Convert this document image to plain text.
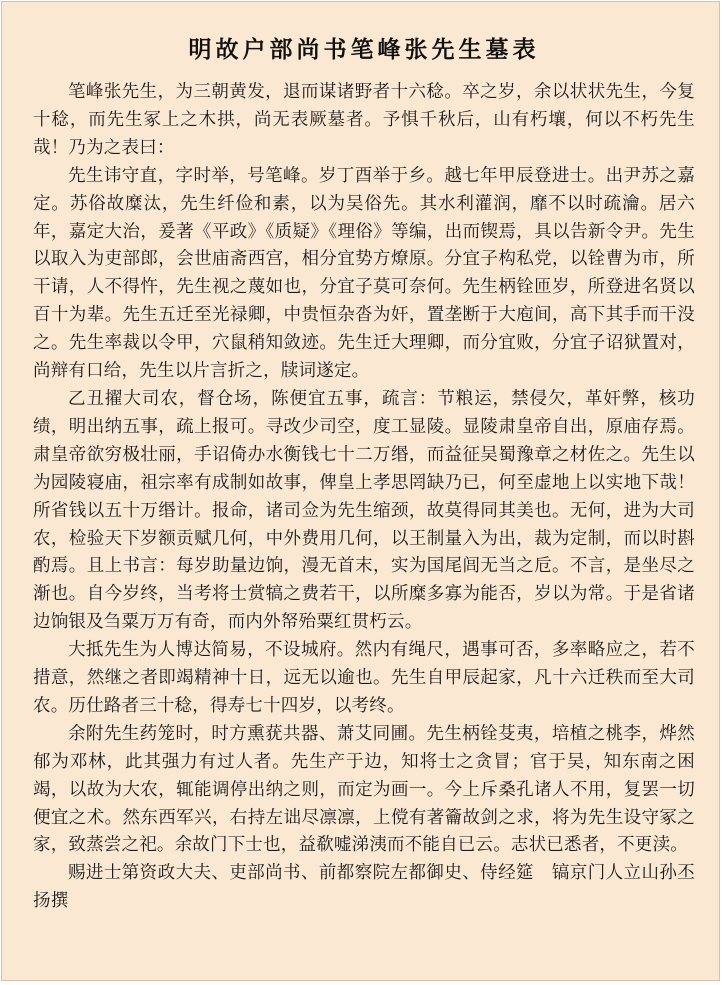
明故户部尚书笔峰张先生墓表

笔峰张先生，为三朝黄发，退而谋诸野者十六稔。卒之岁，余以状状先生，今复十稔，而先生冢上之木拱，尚无表厥墓者。予惧千秋后，山有朽壤，何以不朽先生哉！乃为之表曰：

先生讳守直，字时举，号笔峰。岁丁酉举于乡。越七年甲辰登进士。出尹苏之嘉定。苏俗故糜汰，先生纤俭和素，以为吴俗先。其水利灌润，靡不以时疏瀹。居六年，嘉定大治，爰著《平政》《质疑》《理俗》等编，出而锲焉，具以告新令尹。先生以取入为吏部郎，会世庙斋西宫，相分宜势方燎原。分宜子构私党，以铨曹为市，所干请，人不得忤，先生视之蔑如也，分宜子莫可奈何。先生柄铨匝岁，所登进名贤以百十为辈。先生五迁至光禄卿，中贵恒杂沓为奸，置垄断于大庖间，高下其手而干没之。先生率裁以令甲，穴鼠稍知敛迹。先生迁大理卿，而分宜败，分宜子诏狱置对，尚辩有口给，先生以片言折之，牍词遂定。

乙丑擢大司农，督仓场，陈便宜五事，疏言：节粮运，禁侵欠，革奸弊，核功绩，明出纳五事，疏上报可。寻改少司空，度工显陵。显陵肃皇帝自出，原庙存焉。肃皇帝欲穷极壮丽，手诏倚办水衡钱七十二万缗，而益征吴蜀豫章之材佐之。先生以为园陵寝庙，祖宗率有成制如故事，俾皇上孝思罔缺乃已，何至虚地上以实地下哉！所省钱以五十万缗计。报命，诸司佥为先生缩颈，故莫得同其美也。无何，进为大司农，检验天下岁额贡赋几何，中外费用几何，以王制量入为出，裁为定制，而以时斟酌焉。且上书言：每岁助量边饷，漫无首末，实为国尾闾无当之卮。不言，是坐尽之渐也。自今岁终，当考将士赏犒之费若干，以所糜多寡为能否，岁以为常。于是省诸边饷银及刍粟万万有奇，而内外帑殆粟红贯朽云。

大抵先生为人博达简易，不设城府。然内有绳尺，遇事可否，多率略应之，若不措意，然继之者即竭精神十日，远无以逾也。先生自甲辰起家，凡十六迁秩而至大司农。历仕路者三十稔，得寿七十四岁，以考终。

余附先生药笼时，时方熏莸共器、萧艾同圃。先生柄铨芟夷，培植之桃李，烨然郁为邓林，此其强力有过人者。先生产于边，知将士之贪冒；官于吴，知东南之困竭，以故为大农，辄能调停出纳之则，而定为画一。今上斥桑孔诸人不用，复罢一切便宜之术。然东西军兴，右持左诎尽凛凛，上傥有著籥故剑之求，将为先生设守冢之家，致蒸尝之祀。余故门下士也，益欷嘘涕洟而不能自已云。志状已悉者，不更渎。

赐进士第资政大夫、吏部尚书、前都察院左都御史、侍经筵　镐京门人立山孙丕扬撰
